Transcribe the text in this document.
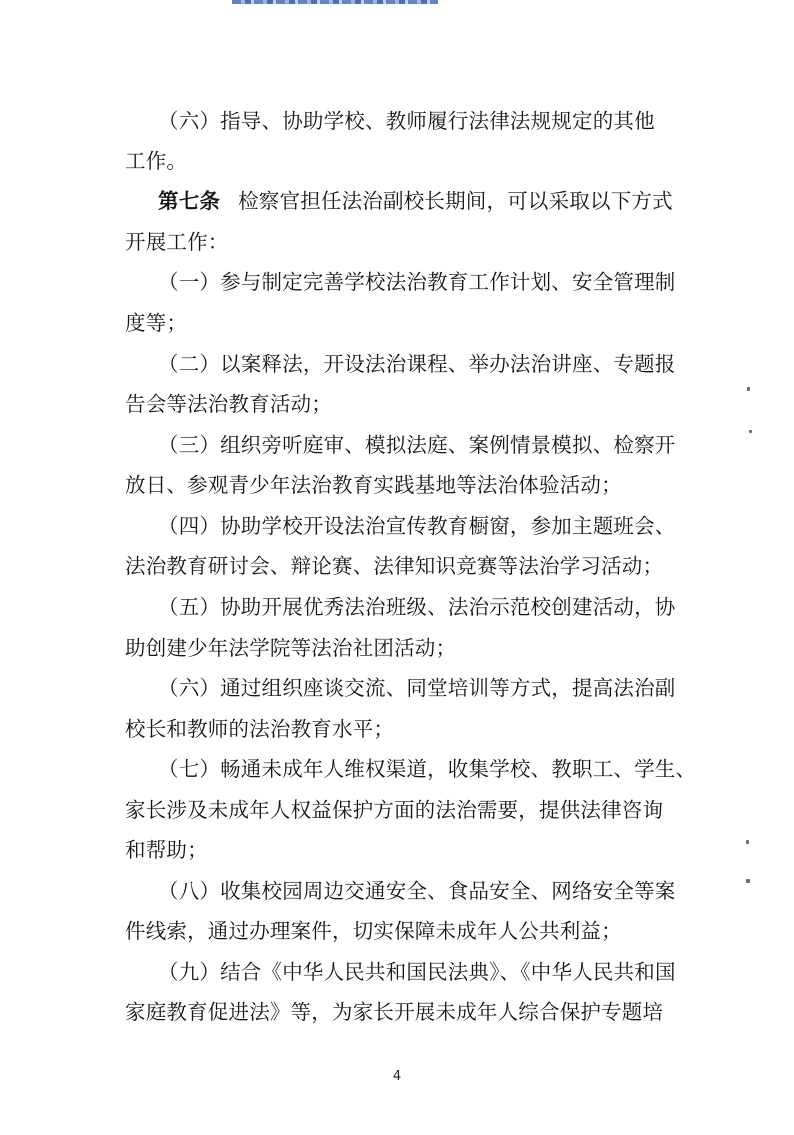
（六）指导、协助学校、教师履行法律法规规定的其他
工作。
第七条 检察官担任法治副校长期间，可以采取以下方式
开展工作：
（一）参与制定完善学校法治教育工作计划、安全管理制
度等；
（二）以案释法，开设法治课程、举办法治讲座、专题报
告会等法治教育活动；
（三）组织旁听庭审、模拟法庭、案例情景模拟、检察开
放日、参观青少年法治教育实践基地等法治体验活动；
（四）协助学校开设法治宣传教育橱窗，参加主题班会、
法治教育研讨会、辩论赛、法律知识竞赛等法治学习活动；
（五）协助开展优秀法治班级、法治示范校创建活动，协
助创建少年法学院等法治社团活动；
（六）通过组织座谈交流、同堂培训等方式，提高法治副
校长和教师的法治教育水平；
（七）畅通未成年人维权渠道，收集学校、教职工、学生、
家长涉及未成年人权益保护方面的法治需要，提供法律咨询
和帮助；
（八）收集校园周边交通安全、食品安全、网络安全等案
件线索，通过办理案件，切实保障未成年人公共利益；
（九）结合《中华人民共和国民法典》、《中华人民共和国
家庭教育促进法》等，为家长开展未成年人综合保护专题培
4
